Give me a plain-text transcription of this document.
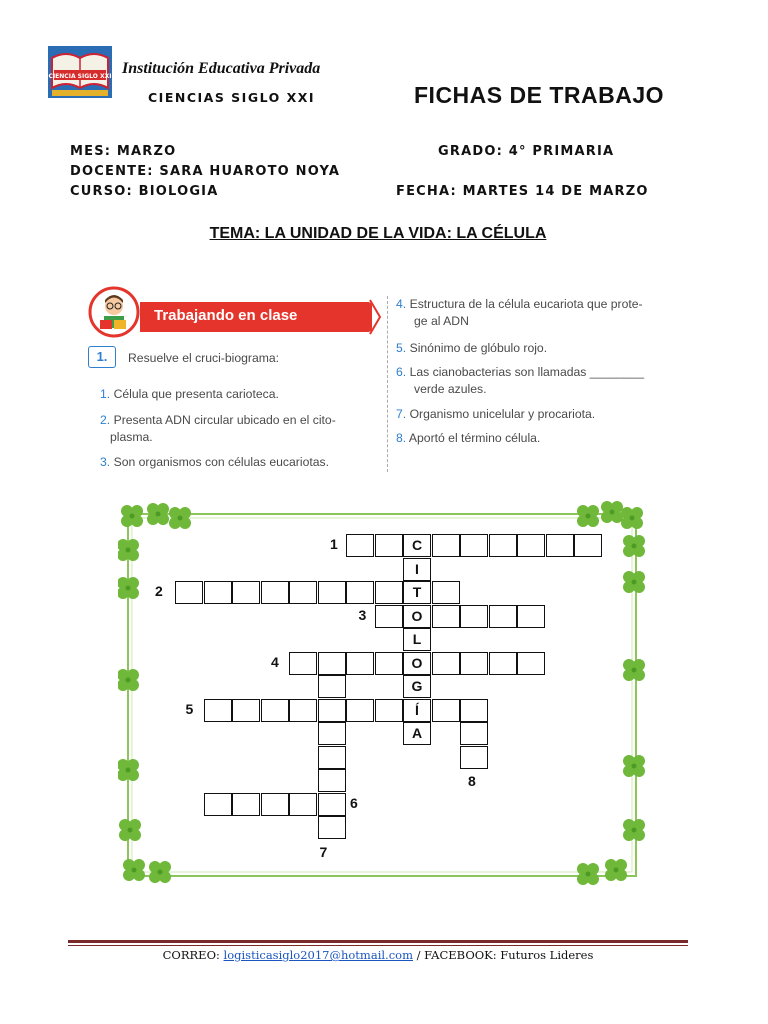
CIENCIA SIGLO XXI Institución Educativa Privada
CIENCIAS SIGLO XXI	FICHAS DE TRABAJO
MES: MARZO	GRADO: 4° PRIMARIA
DOCENTE: SARA HUAROTO NOYA
CURSO: BIOLOGIA	FECHA: MARTES 14 DE MARZO
TEMA: LA UNIDAD DE LA VIDA: LA CÉLULA
Trabajando en clase
1.	Resuelve el cruci-biograma:
1. Célula que presenta carioteca.
2. Presenta ADN circular ubicado en el cito-
plasma.
3. Son organismos con células eucariotas.
4. Estructura de la célula eucariota que prote-
ge al ADN
5. Sinónimo de glóbulo rojo.
6. Las cianobacterias son llamadas ________
verde azules.
7. Organismo unicelular y procariota.
8. Aportó el término célula.
C
I
T
O
L
O
G
Í
A
1
2
3
4
5
7
6
8
CORREO: logisticasiglo2017@hotmail.com / FACEBOOK: Futuros Lideres
